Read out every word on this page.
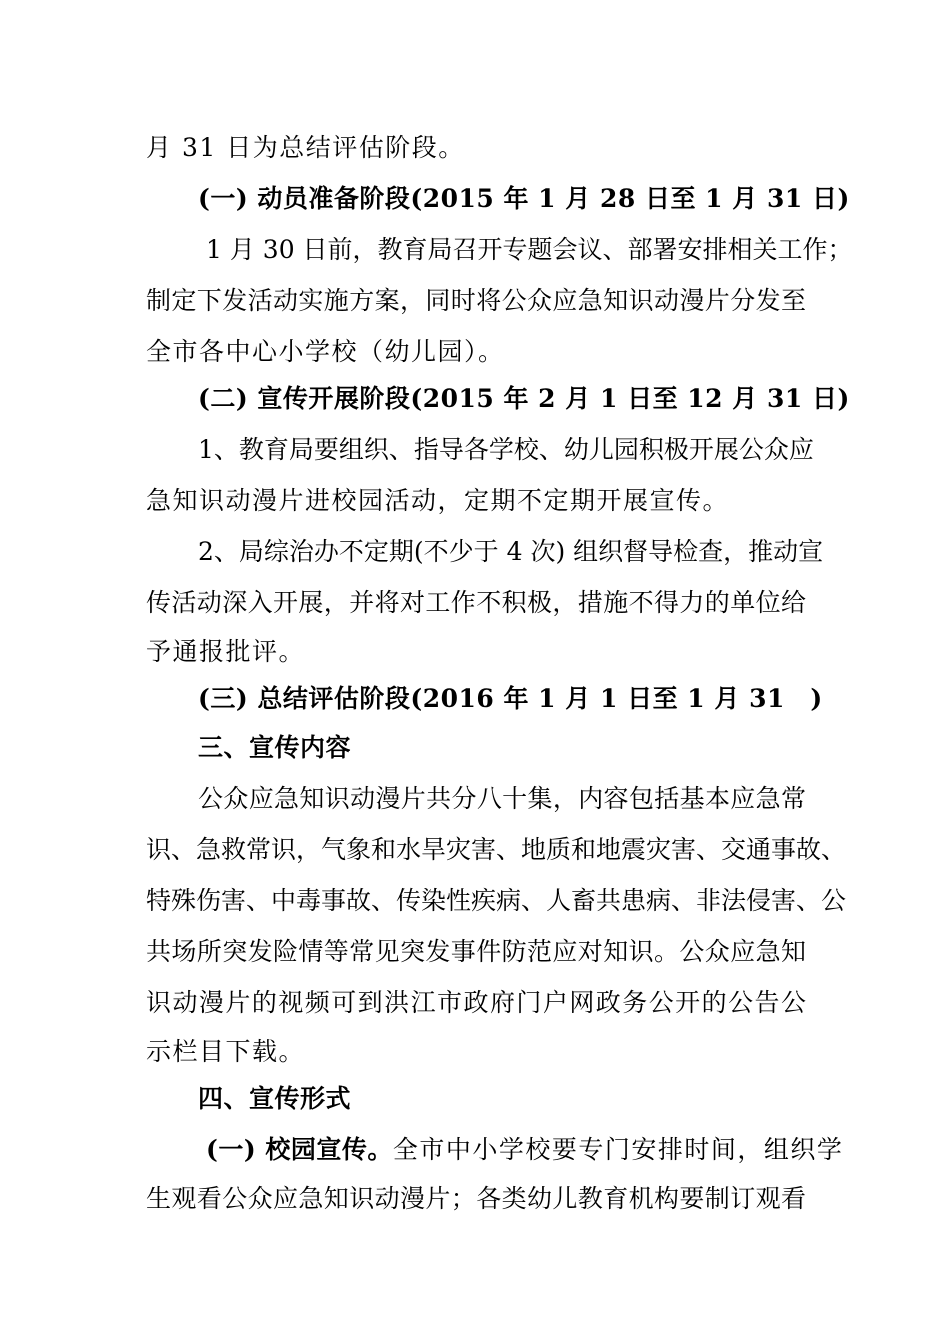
月 31 日为总结评估阶段。
(一) 动员准备阶段(2015 年 1 月 28 日至 1 月 31 日)
1 月 30 日前，教育局召开专题会议、部署安排相关工作；
制定下发活动实施方案，同时将公众应急知识动漫片分发至
全市各中心小学校（幼儿园）。
(二) 宣传开展阶段(2015 年 2 月 1 日至 12 月 31 日)
1、教育局要组织、指导各学校、幼儿园积极开展公众应
急知识动漫片进校园活动，定期不定期开展宣传。
2、局综治办不定期(不少于 4 次) 组织督导检查，推动宣
传活动深入开展，并将对工作不积极，措施不得力的单位给
予通报批评。
(三) 总结评估阶段(2016 年 1 月 1 日至 1 月 31　)
三、宣传内容
公众应急知识动漫片共分八十集，内容包括基本应急常
识、急救常识，气象和水旱灾害、地质和地震灾害、交通事故、
特殊伤害、中毒事故、传染性疾病、人畜共患病、非法侵害、公
共场所突发险情等常见突发事件防范应对知识。公众应急知
识动漫片的视频可到洪江市政府门户网政务公开的公告公
示栏目下载。
四、宣传形式
(一) 校园宣传。全市中小学校要专门安排时间，组织学
生观看公众应急知识动漫片；各类幼儿教育机构要制订观看
